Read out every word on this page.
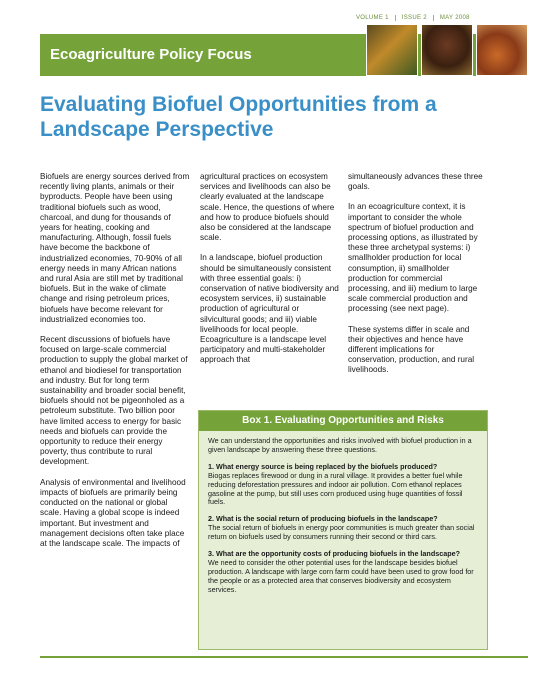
VOLUME 1	ISSUE 2	MAY 2008
Ecoagriculture Policy Focus
Evaluating Biofuel Opportunities from a Landscape Perspective

Biofuels are energy sources derived from recently living plants, animals or their byproducts. People have been using traditional biofuels such as wood, charcoal, and dung for thousands of years for heating, cooking and manufacturing. Although, fossil fuels have become the backbone of industrialized economies, 70-90% of all energy needs in many African nations and rural Asia are still met by traditional biofuels. But in the wake of climate change and rising petroleum prices, biofuels have become relevant for industrialized economies too.

Recent discussions of biofuels have focused on large-scale commercial production to supply the global market of ethanol and biodiesel for transportation and industry. But for long term sustainability and broader social benefit, biofuels should not be pigeonholed as a petroleum substitute. Two billion poor have limited access to energy for basic needs and biofuels can provide the opportunity to reduce their energy poverty, thus contribute to rural development.

Analysis of environmental and livelihood impacts of biofuels are primarily being conducted on the national or global scale. Having a global scope is indeed important. But investment and management decisions often take place at the landscape scale. The impacts of

agricultural practices on ecosystem services and livelihoods can also be clearly evaluated at the landscape scale. Hence, the questions of where and how to produce biofuels should also be considered at the landscape scale.

In a landscape, biofuel production should be simultaneously consistent with three essential goals: i) conservation of native biodiversity and ecosystem services, ii) sustainable production of agricultural or silvicultural goods; and iii) viable livelihoods for local people. Ecoagriculture is a landscape level participatory and multi-stakeholder approach that

simultaneously advances these three goals.

In an ecoagriculture context, it is important to consider the whole spectrum of biofuel production and processing options, as illustrated by these three archetypal systems: i) smallholder production for local consumption, ii) smallholder production for commercial processing, and iii) medium to large scale commercial production and processing (see next page).

These systems differ in scale and their objectives and hence have different implications for conservation, production, and rural livelihoods.

Box 1. Evaluating Opportunities and Risks

We can understand the opportunities and risks involved with biofuel production in a given landscape by answering these three questions.

1. What energy source is being replaced by the biofuels produced?
Biogas replaces firewood or dung in a rural village. It provides a better fuel while reducing deforestation pressures and indoor air pollution. Corn ethanol replaces gasoline at the pump, but still uses corn produced using huge quantities of fossil fuels.

2. What is the social return of producing biofuels in the landscape?
The social return of biofuels in energy poor communities is much greater than social return on biofuels used by consumers running their second or third cars.

3. What are the opportunity costs of producing biofuels in the landscape?
We need to consider the other potential uses for the landscape besides biofuel production. A landscape with large corn farm could have been used to grow food for the people or as a protected area that conserves biodiversity and ecosystem services.
